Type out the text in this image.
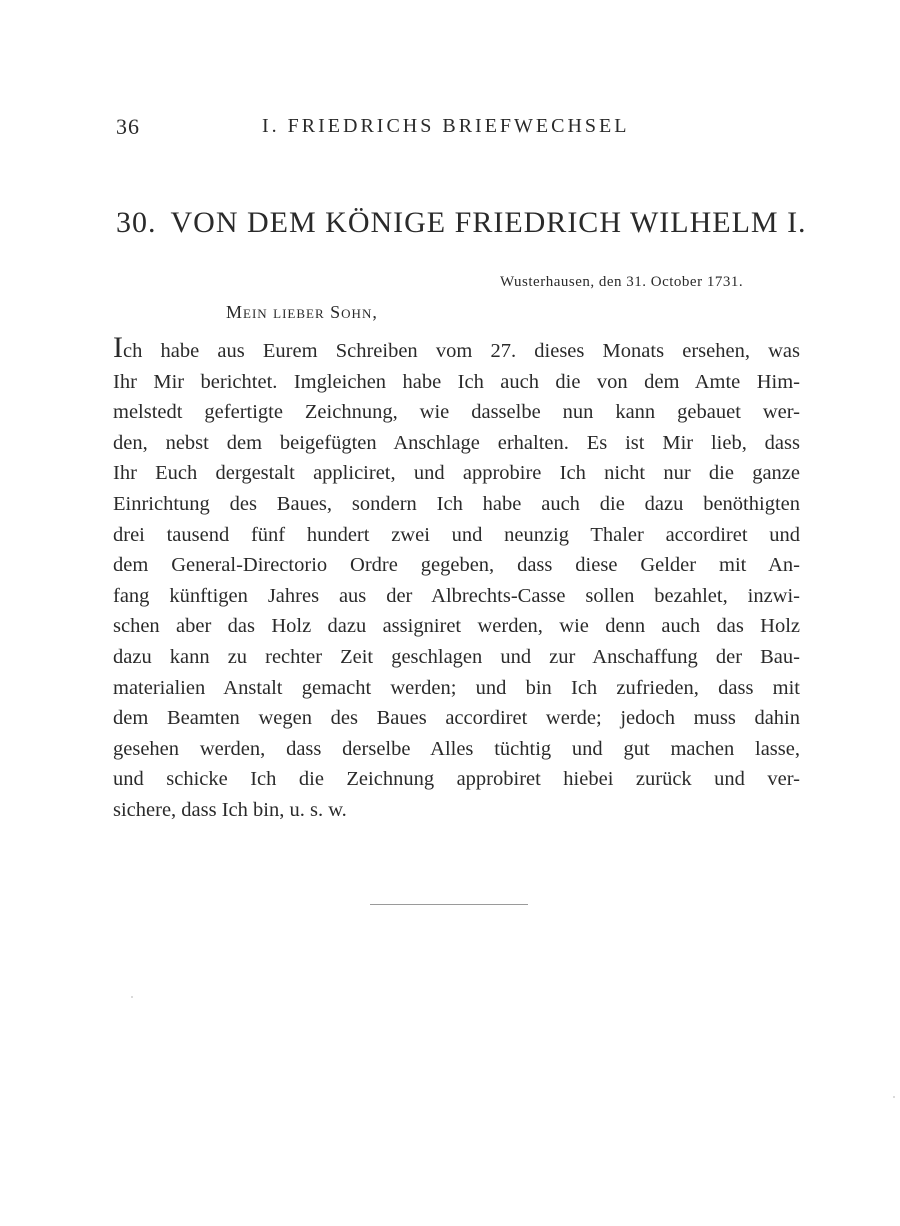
36	I. FRIEDRICHS BRIEFWECHSEL
30. VON DEM KÖNIGE FRIEDRICH WILHELM I.
Wusterhausen, den 31. October 1731.
Mein lieber Sohn,
Ich habe aus Eurem Schreiben vom 27. dieses Monats ersehen, was
Ihr Mir berichtet. Imgleichen habe Ich auch die von dem Amte Him-
melstedt gefertigte Zeichnung, wie dasselbe nun kann gebauet wer-
den, nebst dem beigefügten Anschlage erhalten. Es ist Mir lieb, dass
Ihr Euch dergestalt appliciret, und approbire Ich nicht nur die ganze
Einrichtung des Baues, sondern Ich habe auch die dazu benöthigten
drei tausend fünf hundert zwei und neunzig Thaler accordiret und
dem General-Directorio Ordre gegeben, dass diese Gelder mit An-
fang künftigen Jahres aus der Albrechts-Casse sollen bezahlet, inzwi-
schen aber das Holz dazu assigniret werden, wie denn auch das Holz
dazu kann zu rechter Zeit geschlagen und zur Anschaffung der Bau-
materialien Anstalt gemacht werden; und bin Ich zufrieden, dass mit
dem Beamten wegen des Baues accordiret werde; jedoch muss dahin
gesehen werden, dass derselbe Alles tüchtig und gut machen lasse,
und schicke Ich die Zeichnung approbiret hiebei zurück und ver-
sichere, dass Ich bin, u. s. w.
